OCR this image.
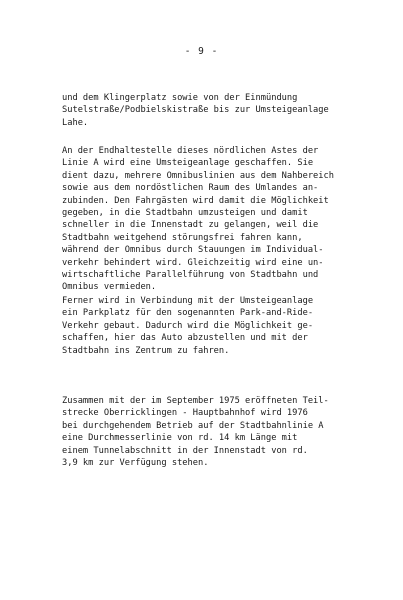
- 9 -

und dem Klingerplatz sowie von der Einmündung
Sutelstraße/Podbielskistraße bis zur Umsteigeanlage
Lahe.

An der Endhaltestelle dieses nördlichen Astes der
Linie A wird eine Umsteigeanlage geschaffen. Sie
dient dazu, mehrere Omnibuslinien aus dem Nahbereich
sowie aus dem nordöstlichen Raum des Umlandes an-
zubinden. Den Fahrgästen wird damit die Möglichkeit
gegeben, in die Stadtbahn umzusteigen und damit
schneller in die Innenstadt zu gelangen, weil die
Stadtbahn weitgehend störungsfrei fahren kann,
während der Omnibus durch Stauungen im Individual-
verkehr behindert wird. Gleichzeitig wird eine un-
wirtschaftliche Parallelführung von Stadtbahn und
Omnibus vermieden.

Ferner wird in Verbindung mit der Umsteigeanlage
ein Parkplatz für den sogenannten Park-and-Ride-
Verkehr gebaut. Dadurch wird die Möglichkeit ge-
schaffen, hier das Auto abzustellen und mit der
Stadtbahn ins Zentrum zu fahren.

Zusammen mit der im September 1975 eröffneten Teil-
strecke Oberricklingen - Hauptbahnhof wird 1976
bei durchgehendem Betrieb auf der Stadtbahnlinie A
eine Durchmesserlinie von rd. 14 km Länge mit
einem Tunnelabschnitt in der Innenstadt von rd.
3,9 km zur Verfügung stehen.
